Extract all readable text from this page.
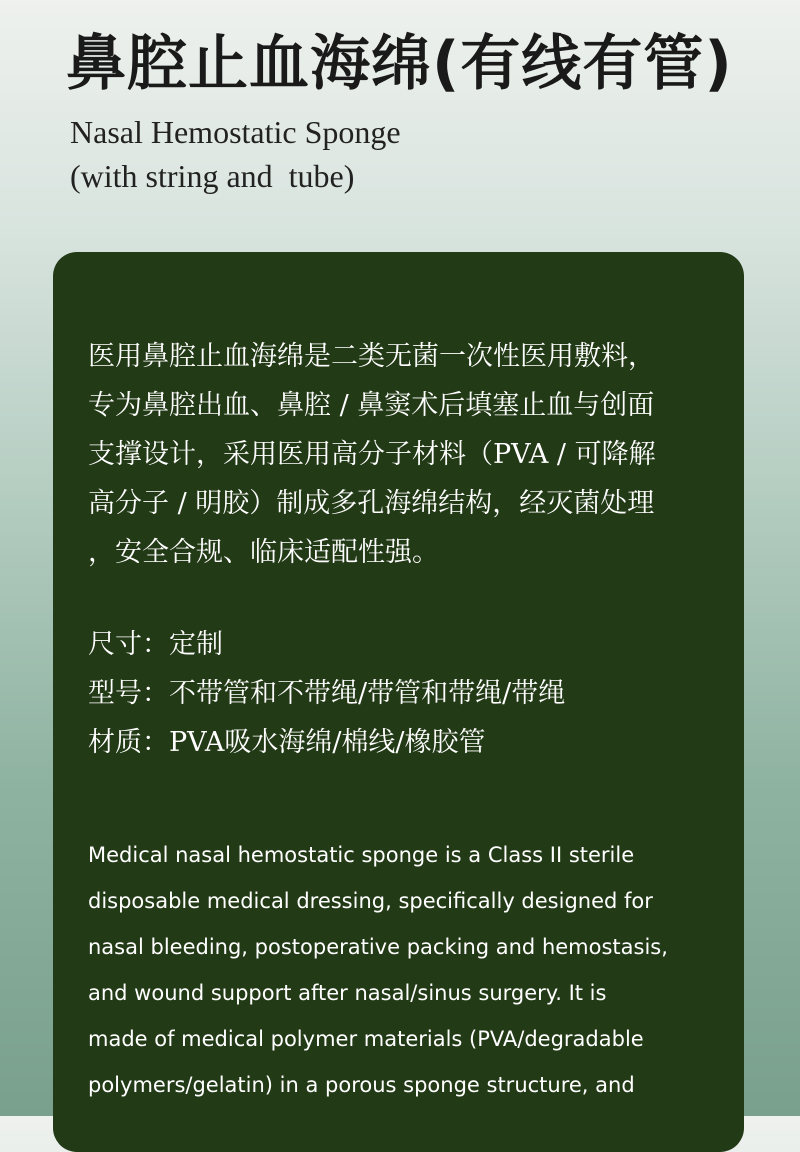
鼻腔止血海绵(有线有管)
Nasal Hemostatic Sponge
(with string and  tube)
医用鼻腔止血海绵是二类无菌一次性医用敷料，
专为鼻腔出血、鼻腔 / 鼻窦术后填塞止血与创面
支撑设计，采用医用高分子材料（PVA / 可降解
高分子 / 明胶）制成多孔海绵结构，经灭菌处理
，安全合规、临床适配性强。
尺寸：定制
型号：不带管和不带绳/带管和带绳/带绳
材质：PVA吸水海绵/棉线/橡胶管
Medical nasal hemostatic sponge is a Class II sterile
disposable medical dressing, specifically designed for
nasal bleeding, postoperative packing and hemostasis,
and wound support after nasal/sinus surgery. It is
made of medical polymer materials (PVA/degradable
polymers/gelatin) in a porous sponge structure, and
